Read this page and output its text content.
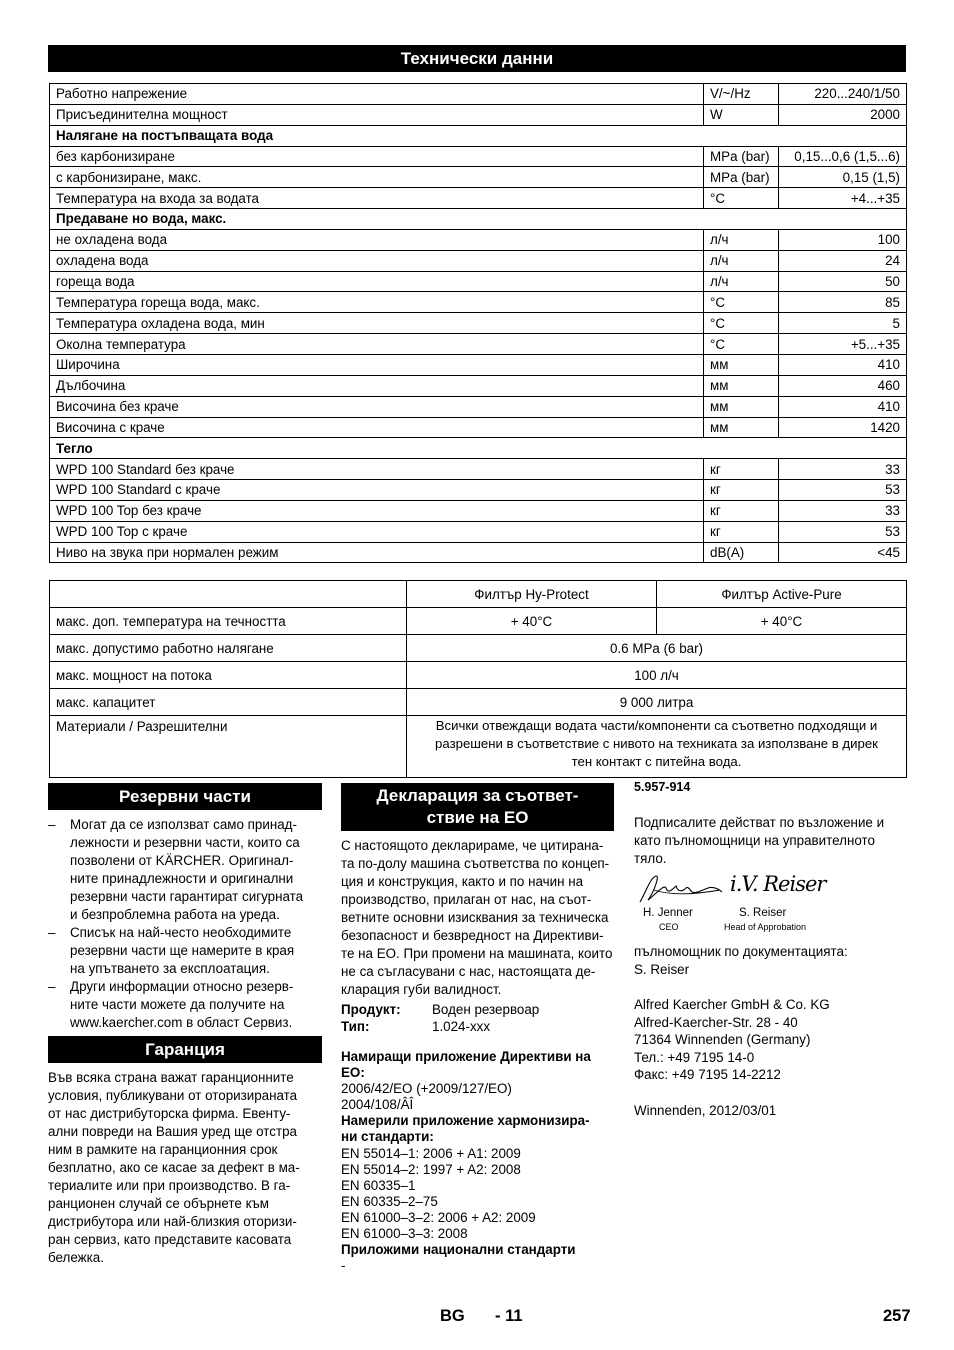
Технически данни
Работно напрежение	V/~/Hz	220...240/1/50
Присъединителна мощност	W	2000
Налягане на постъпващата вода		
без карбонизиране	MPa (bar)	0,15...0,6 (1,5...6)
с карбонизиране, макс.	MPa (bar)	0,15 (1,5)
Температура на входа за водата	°C	+4...+35
Предаване но вода, макс.		
не охладена вода	л/ч	100
охладена вода	л/ч	24
гореща вода	л/ч	50
Температура гореща вода, макс.	°C	85
Температура охладена вода, мин	°C	5
Околна температура	°C	+5...+35
Широчина	мм	410
Дълбочина	мм	460
Височина без краче	мм	410
Височина с краче	мм	1420
Тегло		
WPD 100 Standard без краче	кг	33
WPD 100 Standard с краче	кг	53
WPD 100 Top без краче	кг	33
WPD 100 Top с краче	кг	53
Ниво на звука при нормален режим	dB(A)	<45
	Филтър Hy-Protect	Филтър Active-Pure
макс. доп. температура на течността	+ 40°C	+ 40°C
макс. допустимо работно налягане	0.6 MPa (6 bar)	
макс. мощност на потока	100 л/ч	
макс. капацитет	9 000 литра	
Материали / Разрешителни	Всички отвеждащи водата части/компоненти са съответно подходящи и
разрешени в съответствие с нивото на техниката за използване в дирек
тен контакт с питейна вода.	
Резервни части
– Могат да се използват само принад-
лежности и резервни части, които са
позволени от KÄRCHER. Оригинал-
ните принадлежности и оригинални
резервни части гарантират сигурната
и безпроблемна работа на уреда.
– Списък на най-често необходимите
резервни части ще намерите в края
на упътването за експлоатация.
– Други информации относно резерв-
ните части можете да получите на
www.kaercher.com в област Сервиз.
Гаранция
Във всяка страна важат гаранционните
условия, публикувани от оторизираната
от нас дистрибуторска фирма. Евенту-
ални повреди на Вашия уред ще отстра
ним в рамките на гаранционния срок
безплатно, ако се касае за дефект в ма-
териалите или при производство. В га-
ранционен случай се обърнете към
дистрибутора или най-близкия оторизи-
ран сервиз, като представите касовата
бележка.
Декларация за съответ-
ствие на ЕО
С настоящото декларираме, че цитирана-
та по-долу машина съответства по концеп-
ция и конструкция, както и по начин на
производство, прилаган от нас, на съот-
ветните основни изисквания за техническа
безопасност и безвредност на Директиви-
те на ЕО. При промени на машината, които
не са съгласувани с нас, настоящата де-
кларация губи валидност.
Продукт: Воден резервоар
Тип:	1.024-xxx
Намиращи приложение Директиви на
ЕО:
2006/42/ЕО (+2009/127/ЕО)
2004/108/ÂÎ
Намерили приложение хармонизира-
ни стандарти:
EN 55014–1: 2006 + A1: 2009
EN 55014–2: 1997 + A2: 2008
EN 60335–1
EN 60335–2–75
EN 61000–3–2: 2006 + A2: 2009
EN 61000–3–3: 2008
Приложими национални стандарти
-
5.957-914
Подписалите действат по възложение и
като пълномощници на управителното
тяло.
i.V. Reiser
H. Jenner
CEO
S. Reiser
Head of Approbation
пълномощник по документацията:
S. Reiser
Alfred Kaercher GmbH & Co. KG
Alfred-Kaercher-Str. 28 - 40
71364 Winnenden (Germany)
Тел.: +49 7195 14-0
Факс: +49 7195 14-2212
Winnenden, 2012/03/01
BG - 11	257
